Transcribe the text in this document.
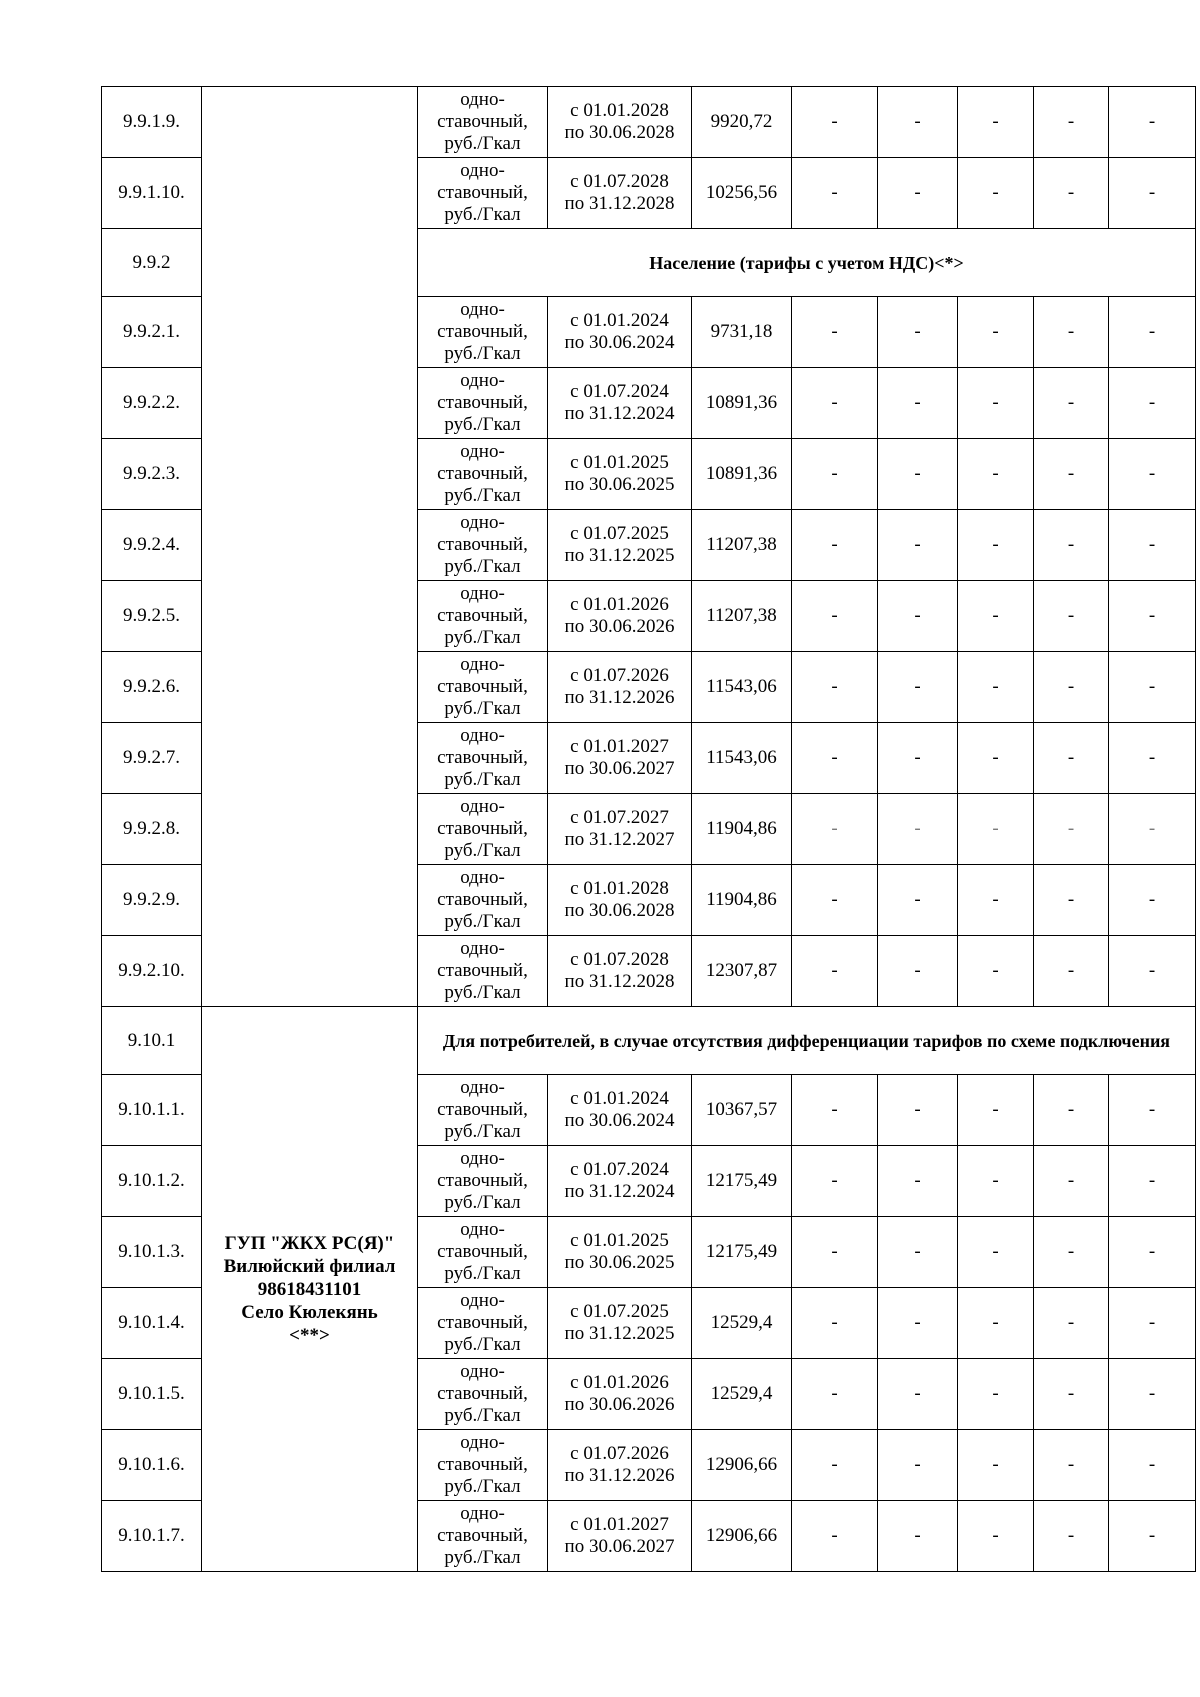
9.9.1.9.		одно-
ставочный,
руб./Гкал	с 01.01.2028
по 30.06.2028	9920,72	-	-	-	-	-
9.9.1.10.		одно-
ставочный,
руб./Гкал	с 01.07.2028
по 31.12.2028	10256,56	-	-	-	-	-
9.9.2		Население (тарифы с учетом НДС)<*>							
9.9.2.1.		одно-
ставочный,
руб./Гкал	с 01.01.2024
по 30.06.2024	9731,18	-	-	-	-	-
9.9.2.2.		одно-
ставочный,
руб./Гкал	с 01.07.2024
по 31.12.2024	10891,36	-	-	-	-	-
9.9.2.3.		одно-
ставочный,
руб./Гкал	с 01.01.2025
по 30.06.2025	10891,36	-	-	-	-	-
9.9.2.4.		одно-
ставочный,
руб./Гкал	с 01.07.2025
по 31.12.2025	11207,38	-	-	-	-	-
9.9.2.5.		одно-
ставочный,
руб./Гкал	с 01.01.2026
по 30.06.2026	11207,38	-	-	-	-	-
9.9.2.6.		одно-
ставочный,
руб./Гкал	с 01.07.2026
по 31.12.2026	11543,06	-	-	-	-	-
9.9.2.7.		одно-
ставочный,
руб./Гкал	с 01.01.2027
по 30.06.2027	11543,06	-	-	-	-	-
9.9.2.8.		одно-
ставочный,
руб./Гкал	с 01.07.2027
по 31.12.2027	11904,86	-	-	-	-	-
9.9.2.9.		одно-
ставочный,
руб./Гкал	с 01.01.2028
по 30.06.2028	11904,86	-	-	-	-	-
9.9.2.10.		одно-
ставочный,
руб./Гкал	с 01.07.2028
по 31.12.2028	12307,87	-	-	-	-	-
9.10.1	ГУП "ЖКХ РС(Я)"
Вилюйский филиал
98618431101
Село Кюлекянь
<**>	Для потребителей, в случае отсутствия дифференциации тарифов по схеме подключения							
9.10.1.1.		одно-
ставочный,
руб./Гкал	с 01.01.2024
по 30.06.2024	10367,57	-	-	-	-	-
9.10.1.2.		одно-
ставочный,
руб./Гкал	с 01.07.2024
по 31.12.2024	12175,49	-	-	-	-	-
9.10.1.3.		одно-
ставочный,
руб./Гкал	с 01.01.2025
по 30.06.2025	12175,49	-	-	-	-	-
9.10.1.4.		одно-
ставочный,
руб./Гкал	с 01.07.2025
по 31.12.2025	12529,4	-	-	-	-	-
9.10.1.5.		одно-
ставочный,
руб./Гкал	с 01.01.2026
по 30.06.2026	12529,4	-	-	-	-	-
9.10.1.6.		одно-
ставочный,
руб./Гкал	с 01.07.2026
по 31.12.2026	12906,66	-	-	-	-	-
9.10.1.7.		одно-
ставочный,
руб./Гкал	с 01.01.2027
по 30.06.2027	12906,66	-	-	-	-	-
